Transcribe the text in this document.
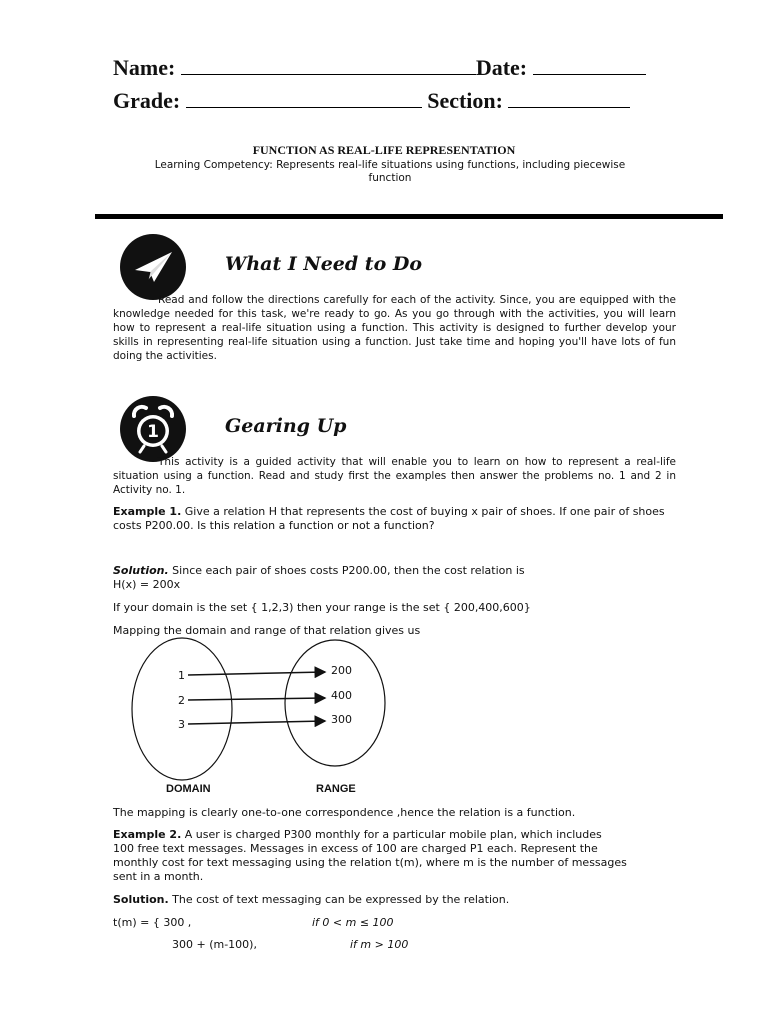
Name:	Date:
Grade:	Section:
FUNCTION AS REAL-LIFE REPRESENTATION
Learning Competency: Represents real-life situations using functions, including piecewise
function
What I Need to Do
Read and follow the directions carefully for each of the activity. Since, you are equipped with the knowledge needed for this task, we're ready to go. As you go through with the activities, you will learn how to represent a real-life situation using a function. This activity is designed to further develop your skills in representing real-life situation using a function. Just take time and hoping you'll have lots of fun doing the activities.
1	Gearing Up
This activity is a guided activity that will enable you to learn on how to represent a real-life situation using a function. Read and study first the examples then answer the problems no. 1 and 2 in Activity no. 1.
Example 1. Give a relation H that represents the cost of buying x pair of shoes. If one pair of shoes costs P200.00. Is this relation a function or not a function?
Solution. Since each pair of shoes costs P200.00, then the cost relation is
H(x) = 200x
If your domain is the set { 1,2,3) then your range is the set { 200,400,600}
Mapping the domain and range of that relation gives us
1
2
3
200
400
300
DOMAIN	RANGE
The mapping is clearly one-to-one correspondence ,hence the relation is a function.
Example 2. A user is charged P300 monthly for a particular mobile plan, which includes
100 free text messages. Messages in excess of 100 are charged P1 each. Represent the
monthly cost for text messaging using the relation t(m), where m is the number of messages
sent in a month.
Solution. The cost of text messaging can be expressed by the relation.
t(m) = { 300 ,	if 0 < m ≤ 100
300 + (m-100),	if m > 100
